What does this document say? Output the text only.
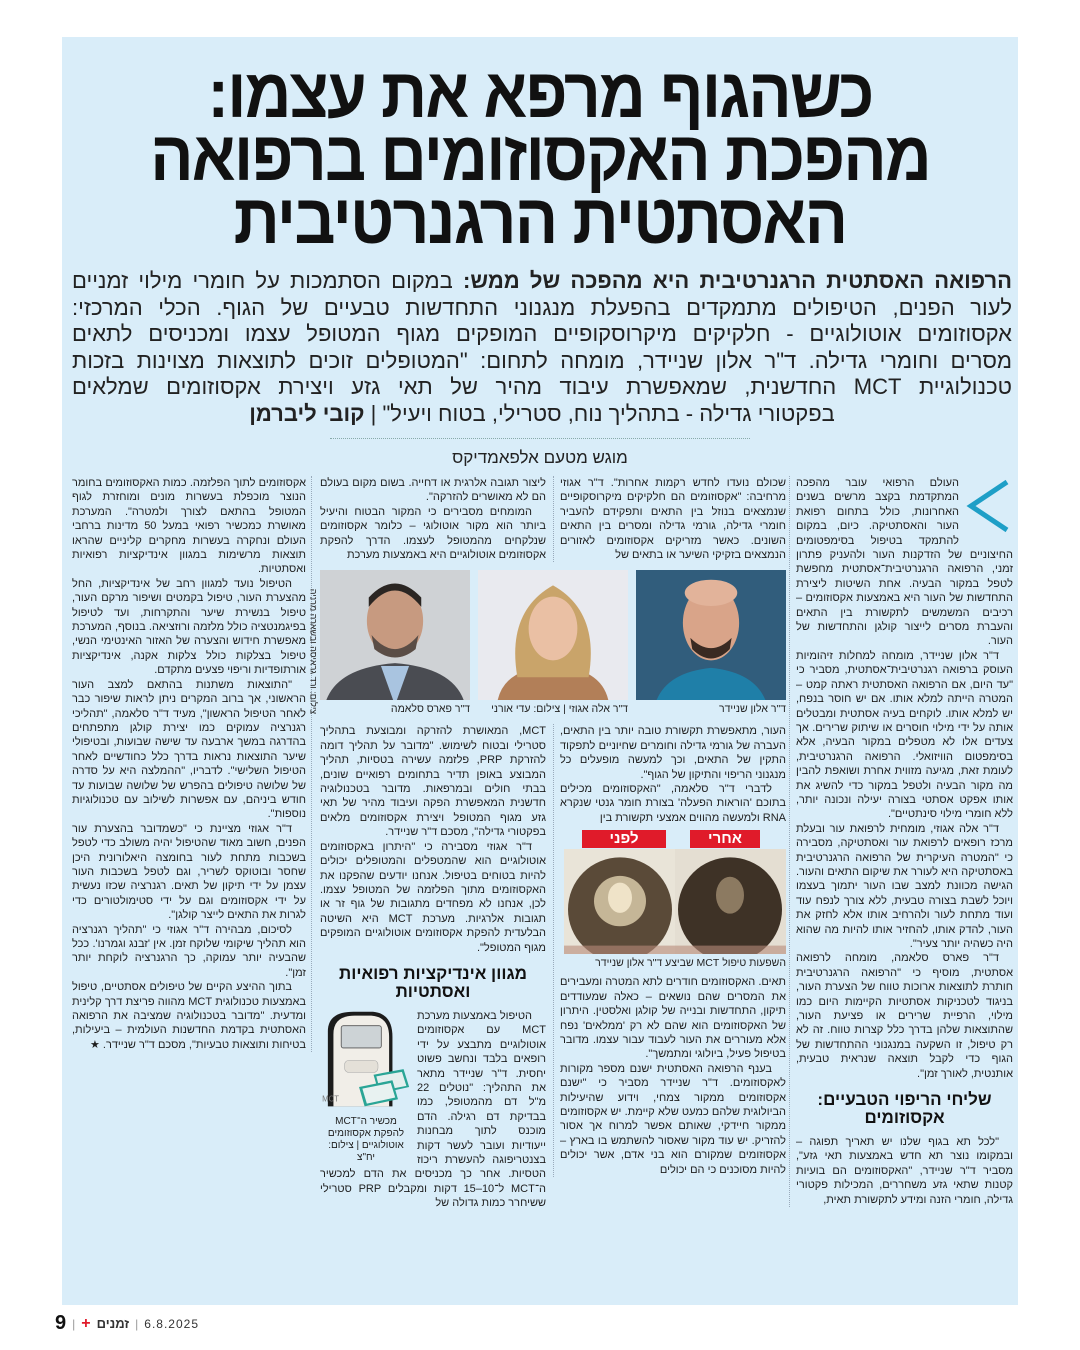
כשהגוף מרפא את עצמו:
מהפכת האקסוזומים ברפואה
האסתטית הרגנרטיבית
הרפואה האסתטית הרגנרטיבית היא מהפכה של ממש: במקום הסתמכות על חומרי מילוי זמניים
לעור הפנים, הטיפולים מתמקדים בהפעלת מנגנוני התחדשות טבעיים של הגוף. הכלי המרכזי:
אקסוזומים אוטולוגיים - חלקיקים מיקרוסקופיים המופקים מגוף המטופל עצמו ומכניסים לתאים
מסרים וחומרי גדילה. ד"ר אלון שניידר, מומחה לתחום: "המטופלים זוכים לתוצאות מצוינות בזכות
טכנולוגיית MCT החדשנית, שמאפשרת עיבוד מהיר של תאי גזע ויצירת אקסוזומים שמלאים
בפקטורי גדילה - בתהליך נוח, סטרילי, בטוח ויעיל" | קובי ליברמן
מוגש מטעם אלפאמדיקס

העולם הרפואי עובר מהפכה המתקדמת בקצב מרשים בשנים האחרונות, כולל בתחום רפואת העור והאסתטיקה. כיום, במקום להתמקד בטיפול בסימפטומים החיצוניים של הזדקנות העור ולהעניק פתרון זמני, הרפואה הרגנרטיבית־אסתטית מחפשת לטפל במקור הבעיה. אחת השיטות ליצירת התחדשות של העור היא באמצעות אקסוזומים – רכיבים המשמשים לתקשורת בין התאים והעברת מסרים לייצור קולגן והתחדשות של העור.

ד"ר אלון שניידר, מומחה למחלות זיהומיות העוסק ברפואה רגנרטיבית־אסתטית, מסביר כי "עד היום, אם הרפואה האסתטית ראתה קמט – המטרה הייתה למלא אותו. אם יש חוסר בנפח, יש למלא אותו. לוקחים בעיה אסתטית ומבטלים אותה על ידי מילוי חוסרים או שיתוק שרירים. אך צעדים אלו לא מטפלים במקור הבעיה, אלא בסימפטום הוויזואלי. הרפואה הרגנרטיבית, לעומת זאת, מגיעה מזווית אחרת ושואפת להבין מה מקור הבעיה ולטפל במקור כדי להשיג את אותו אפקט אסתטי בצורה יעילה ונכונה יותר, ללא חומרי מילוי סינתטיים".

ד"ר אלה אגוזי, מומחית לרפואת עור ובעלת מרכז רופאים לרפואת עור ואסתטיקה, מסבירה כי "המטרה העיקרית של הרפואה הרגנרטיבית באסתטיקה היא לעורר את שיקום התאים והעור. הגישה מכוונת למצב שבו העור יתמוך בעצמו ויוכל לשבת בצורה טבעית, ללא צורך לנפח עוד ועוד מתחת לעור ולהרחיב אותו אלא לחזק את העור, להדק אותו, להחזיר אותו להיות מה שהוא היה כשהיה יותר צעיר".

ד"ר פארס סלאמה, מומחה לרפואה אסתטית, מוסיף כי "הרפואה הרגנרטיבית חותרת לתוצאות ארוכות טווח של הצערת העור, בניגוד לטכניקות אסתטיות הקיימות היום כמו מילוי, הרפיית שרירים או פציעת העור, שהתוצאות שלהן בדרך כלל קצרות טווח. זה לא רק טיפול, זו השקעה במנגנוני ההתחדשות של הגוף כדי לקבל תוצאה שנראית טבעית, אותנטית, לאורך זמן".

שליחי הריפוי הטבעיים: אקסוזומים

"לכל תא בגוף שלנו יש תאריך תפוגה – ובמקומו נוצר תא חדש באמצעות תאי גזע", מסביר ד"ר שניידר, "האקסוזומים הם בועיות קטנות שתאי גזע משחררים, המכילות פקטורי גדילה, חומרי הזנה ומידע לתקשורת תאית,

ליצור תגובה אלרגית או דחייה. בשום מקום בעולם הם לא מאושרים להזרקה".

המומחים מסבירים כי המקור הבטוח והיעיל ביותר הוא מקור אוטולוגי – כלומר אקסוזומים שנלקחים מהמטופל לעצמו. הדרך להפקת אקסוזומים אוטולוגיים היא באמצעות מערכת

שכולם נועדו לחדש רקמות אחרות". ד"ר אגוזי מרחיבה: "אקסוזומים הם חלקיקים מיקרוסקופיים שנמצאים בנוזל בין התאים ותפקידם להעביר חומרי גדילה, גורמי גדילה ומסרים בין התאים השונים. כאשר מזריקים אקסוזומים לאזורים הנמצאים בזקיקי השיער או בתאים של

ד"ר פארס סלאמה	ד"ר אלה אגוזי | צילום: עדי אורני	ד"ר אלון שניידר

MCT, המאושרת להזרקה ומבוצעת בתהליך סטרילי ובטוח לשימוש. "מדובר על תהליך דומה להזרקת PRP, פלזמה עשירה בטסיות, תהליך המבוצע באופן תדיר בתחומים רפואיים שונים, בבתי חולים ובמרפאות. מדובר בטכנולוגיה חדשנית המאפשרת הפקה ועיבוד מהיר של תאי גזע מגוף המטופל ויצירת אקסוזומים מלאים בפקטורי גדילה", מסכם ד"ר שניידר.

ד"ר אגוזי מסבירה כי "היתרון באקסוזומים אוטולוגיים הוא שהמטפלים והמטופלים יכולים להיות בטוחים בטיפול. אנחנו יודעים שהפקנו את האקסוזומים מתוך הפלזמה של המטופל עצמו. לכן, אנחנו לא מפחדים מתגובות של גוף זר או תגובות אלרגיות. מערכת MCT היא השיטה הבלעדית להפקת אקסוזומים אוטולוגיים המופקים מגוף המטופל".

מגוון אינדיקציות רפואיות ואסתטיות
MCT
מכשיר ה־MCT להפקת אקסוזומים אוטולוגיים | צילום: יח"צ

הטיפול באמצעות מערכת MCT עם אקסוזומים אוטולוגיים מתבצע על ידי רופאים בלבד ונחשב פשוט יחסית. ד"ר שניידר מתאר את התהליך: "נוטלים 22 מ"ל דם מהמטופל, כמו בבדיקת דם רגילה. הדם מוכנס לתוך מבחנות ייעודיות ועובר לעשר דקות בצנטריפוגה להעשרת ריכוז הטסיות. אחר כך מכניסים את הדם למכשיר ה־MCT ל־10–15 דקות ומקבלים PRP סטרילי ששיחרר כמות גדולה של

העור, מתאפשרת תקשורת טובה יותר בין התאים, העברה של גורמי גדילה וחומרים שחיוניים לתפקוד התקין של התאים, וכך למעשה מופעלים כל מנגנוני הריפוי והתיקון של הגוף".

לדברי ד"ר סלאמה, "האקסוזומים מכילים בתוכם 'הוראות הפעלה' בצורת חומר גנטי שנקרא RNA ולמעשה מהווים אמצעי תקשורת בין

לפני	אחרי
השפעות טיפול MCT שביצע ד"ר אלון שניידר

תאים. האקסוזומים חודרים לתא המטרה ומעבירים את המסרים שהם נושאים – כאלה שמעודדים תיקון, התחדשות ובנייה של קולגן ואלסטין. היתרון של האקסוזומים הוא שהם לא רק 'ממלאים' נפח אלא מעוררים את העור לעבוד עבור עצמו. מדובר בטיפול פעיל, ביולוגי ומתמשך".

בענף הרפואה האסתטית ישנם מספר מקורות לאקסוזומים. ד"ר שניידר מסביר כי "ישנם אקסוזומים ממקור צמחי, וידוע שהיעילות הביולוגית שלהם כמעט שלא קיימת. יש אקסוזומים ממקור חיידקי, שאותם אפשר למרוח אך אסור להזריק. יש עוד מקור שאסור להשתמש בו בארץ – אקסוזומים שמקורם הוא בני אדם, אשר יכולים להיות מסוכנים כי הם יכולים

אקסוזומים לתוך הפלזמה. כמות האקסוזומים בחומר הנוצר מוכפלת בעשרות מונים ומוחזרת לגוף המטופל בהתאם לצורך ולמטרה". המערכת מאושרת כמכשיר רפואי במעל 50 מדינות ברחבי העולם ונחקרה בעשרות מחקרים קליניים שהראו תוצאות מרשימות במגוון אינדיקציות רפואיות ואסתטיות.

הטיפול נועד למגוון רחב של אינדיקציות, החל מהצערת העור, טיפול בקמטים ושיפור מרקם העור, טיפול בנשירת שיער והתקרחות, ועד לטיפול בפיגמנטציה כולל מלזמה ורוזציאה. בנוסף, המערכת מאפשרת חידוש והצערה של האזור האינטימי הנשי, טיפול בצלקות כולל צלקות אקנה, אינדיקציות אורתופדיות וריפוי פצעים מתקדם.

"התוצאות משתנות בהתאם למצב העור הראשוני, אך ברוב המקרים ניתן לראות שיפור כבר לאחר הטיפול הראשון", מעיד ד"ר סלאמה, "תהליכי רגנרציה עמוקים כמו יצירת קולגן מתפתחים בהדרגה במשך ארבעה עד שישה שבועות, ובטיפולי שיער התוצאות נראות בדרך כלל כחודשיים לאחר הטיפול השלישי". לדבריו, "ההמלצה היא על סדרה של שלושה טיפולים בהפרש של שלושה שבועות עד חודש ביניהם, עם אפשרות לשילוב עם טכנולוגיות נוספות".

ד"ר אגוזי מציינת כי "כשמדובר בהצערת עור הפנים, חשוב מאוד שהטיפול יהיה משולב כדי לטפל בשכבות מתחת לעור בחומצה היאלורונית היכן שחסר ובוטוקס לשריר, וגם לטפל בשכבות העור עצמן על ידי תיקון של תאים. רגנרציה שכזו נעשית על ידי אקסוזומים וגם על ידי סטימולטורים כדי לגרות את התאים לייצר קולגן".

לסיכום, מבהירה ד"ר אגוזי כי "תהליך רגנרציה הוא תהליך שיקומי שלוקח זמן. אין 'זבנג וגמרנו'. ככל שהבעיה יותר עמוקה, כך הרגנרציה לוקחת יותר זמן".

בתוך ההיצע הקיים של טיפולים אסתטיים, טיפול באמצעות טכנולוגית MCT מהווה פריצת דרך קלינית ומדעית. "מדובר בטכנולוגיה שמציבה את הרפואה האסתטית בקדמת החדשנות העולמית – ביעילות, בטיחות ותוצאות טבעיות", מסכם ד"ר שניידר. ★

צילום: ורד גראיסה ובשארה מרניה
9 | + זמנים | 6.8.2025
